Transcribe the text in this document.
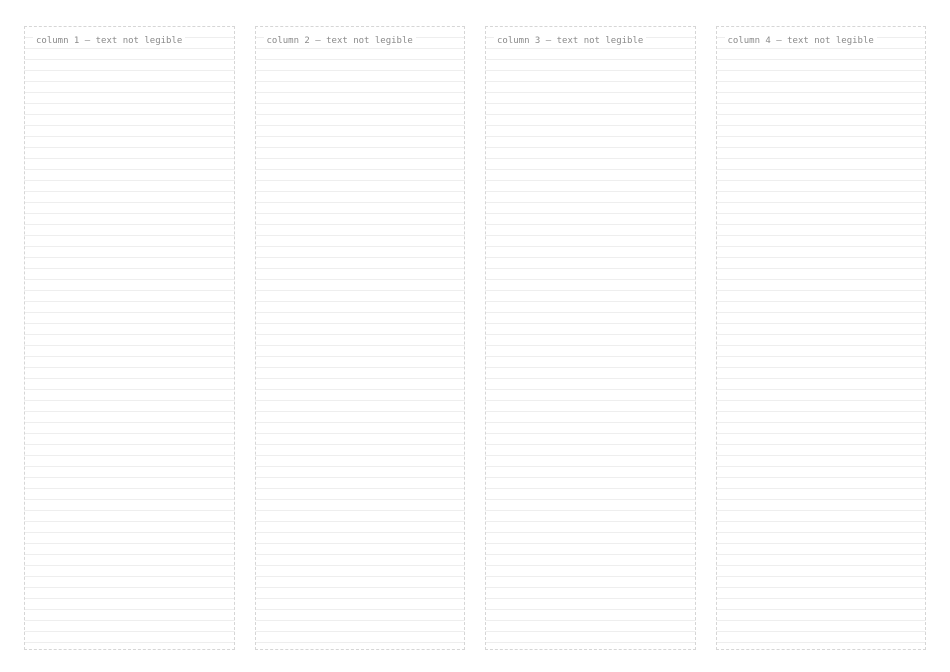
column 1 — text not legible	column 2 — text not legible	column 3 — text not legible	column 4 — text not legible
